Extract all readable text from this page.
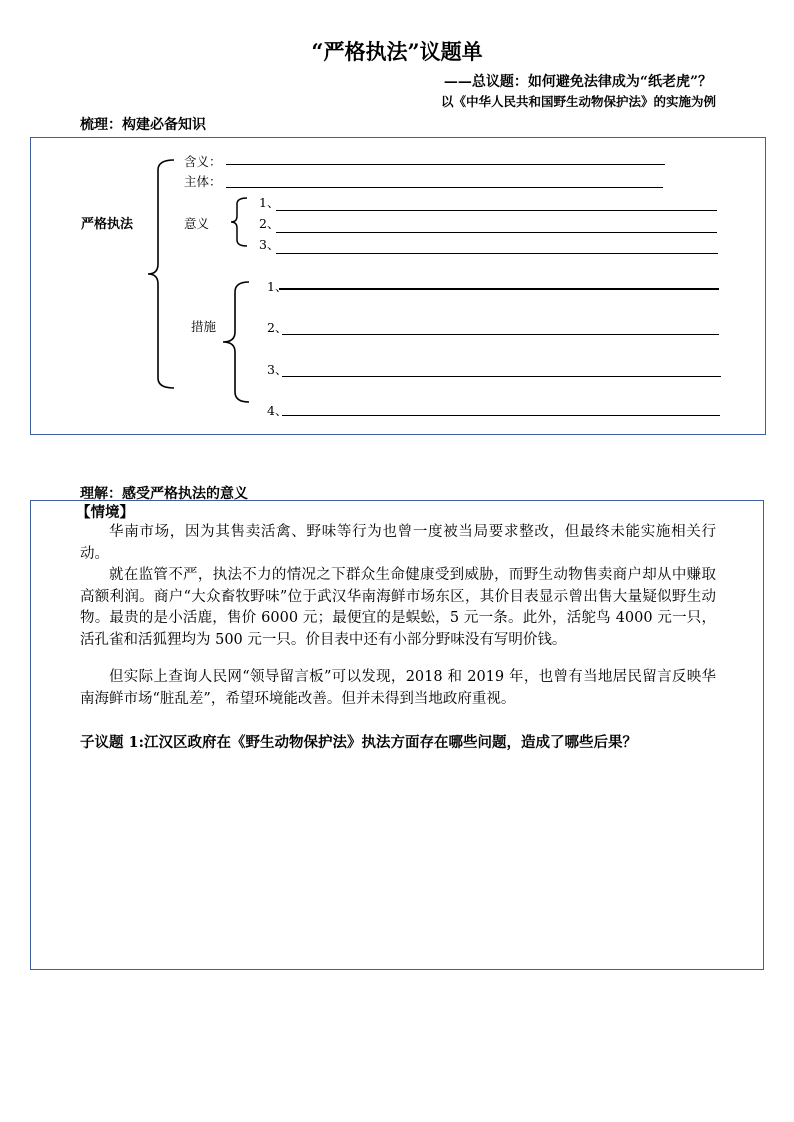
“严格执法”议题单
——总议题：如何避免法律成为“纸老虎”？
以《中华人民共和国野生动物保护法》的实施为例
梳理：构建必备知识
严格执法
含义：
主体：
意义
1、
2、
3、
措施
1、
2、
3、
4、
理解：感受严格执法的意义
【情境】
华南市场，因为其售卖活禽、野味等行为也曾一度被当局要求整改，但最终未能实施相关行动。
就在监管不严，执法不力的情况之下群众生命健康受到威胁，而野生动物售卖商户却从中赚取高额利润。商户“大众畜牧野味”位于武汉华南海鲜市场东区，其价目表显示曾出售大量疑似野生动物。最贵的是小活鹿，售价 6000 元；最便宜的是蜈蚣，5 元一条。此外，活鸵鸟 4000 元一只，活孔雀和活狐狸均为 500 元一只。价目表中还有小部分野味没有写明价钱。
但实际上查询人民网“领导留言板”可以发现，2018 和 2019 年，也曾有当地居民留言反映华南海鲜市场“脏乱差”，希望环境能改善。但并未得到当地政府重视。
子议题 1:江汉区政府在《野生动物保护法》执法方面存在哪些问题，造成了哪些后果？
